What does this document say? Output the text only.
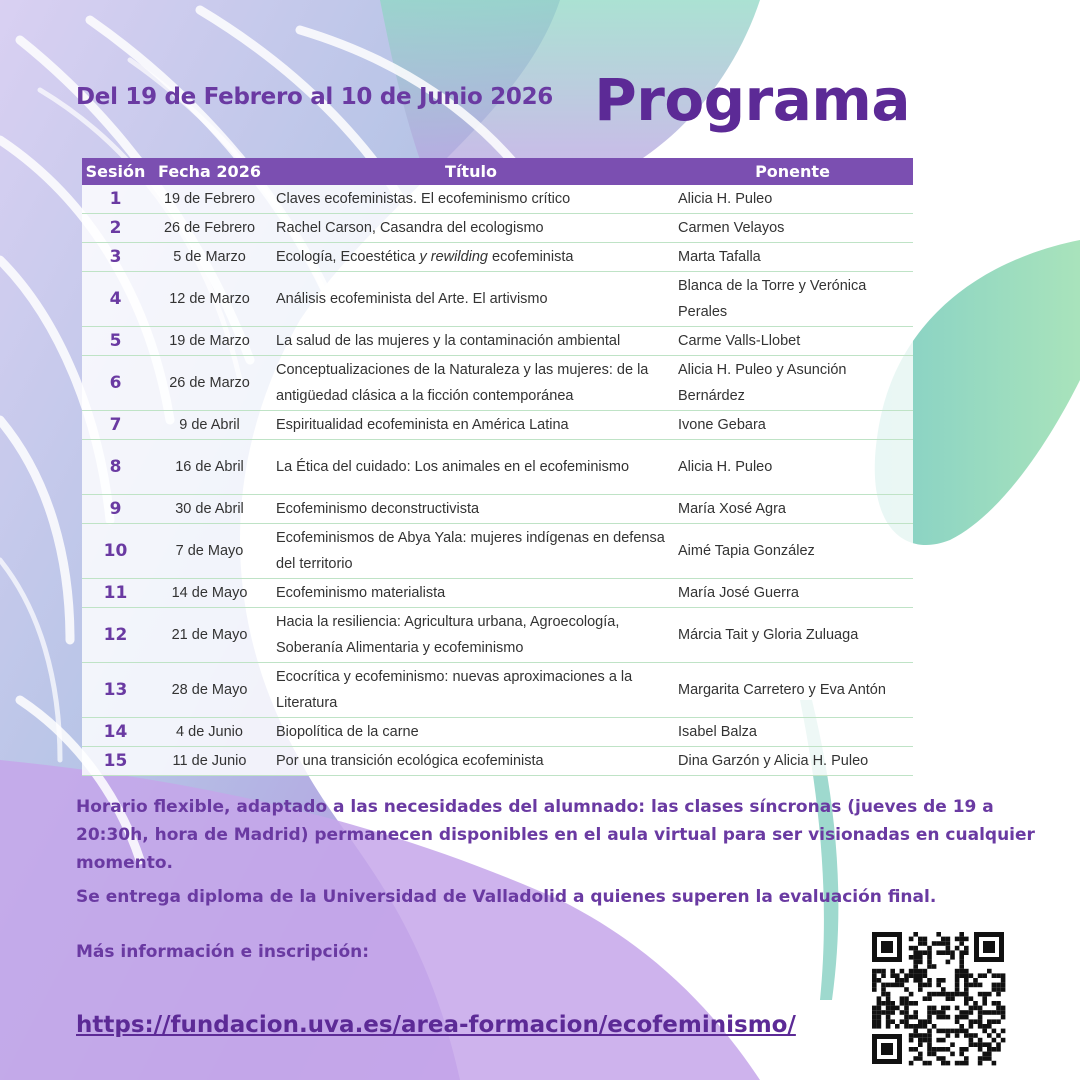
Del 19 de Febrero al 10 de Junio 2026 Programa
Sesión	Fecha 2026	Título	Ponente
1	19 de Febrero	Claves ecofeministas. El ecofeminismo crítico	Alicia H. Puleo
2	26 de Febrero	Rachel Carson, Casandra del ecologismo	Carmen Velayos
3	5 de Marzo	Ecología, Ecoestética y rewilding ecofeminista	Marta Tafalla
4	12 de Marzo	Análisis ecofeminista del Arte. El artivismo	Blanca de la Torre y Verónica Perales
5	19 de Marzo	La salud de las mujeres y la contaminación ambiental	Carme Valls-Llobet
6	26 de Marzo	Conceptualizaciones de la Naturaleza y las mujeres: de la antigüedad clásica a la ficción contemporánea	Alicia H. Puleo y Asunción Bernárdez
7	9 de Abril	Espiritualidad ecofeminista en América Latina	Ivone Gebara
8	16 de Abril	La Ética del cuidado: Los animales en el ecofeminismo	Alicia H. Puleo
9	30 de Abril	Ecofeminismo deconstructivista	María Xosé Agra
10	7 de Mayo	Ecofeminismos de Abya Yala: mujeres indígenas en defensa del territorio	Aimé Tapia González
11	14 de Mayo	Ecofeminismo materialista	María José Guerra
12	21 de Mayo	Hacia la resiliencia: Agricultura urbana, Agroecología, Soberanía Alimentaria y ecofeminismo	Márcia Tait y Gloria Zuluaga
13	28 de Mayo	Ecocrítica y ecofeminismo: nuevas aproximaciones a la Literatura	Margarita Carretero y Eva Antón
14	4 de Junio	Biopolítica de la carne	Isabel Balza
15	11 de Junio	Por una transición ecológica ecofeminista	Dina Garzón y Alicia H. Puleo

Horario flexible, adaptado a las necesidades del alumnado: las clases síncronas (jueves de 19 a 20:30h, hora de Madrid) permanecen disponibles en el aula virtual para ser visionadas en cualquier momento.

Se entrega diploma de la Universidad de Valladolid a quienes superen la evaluación final.

Más información e inscripción:

https://fundacion.uva.es/area-formacion/ecofeminismo/
